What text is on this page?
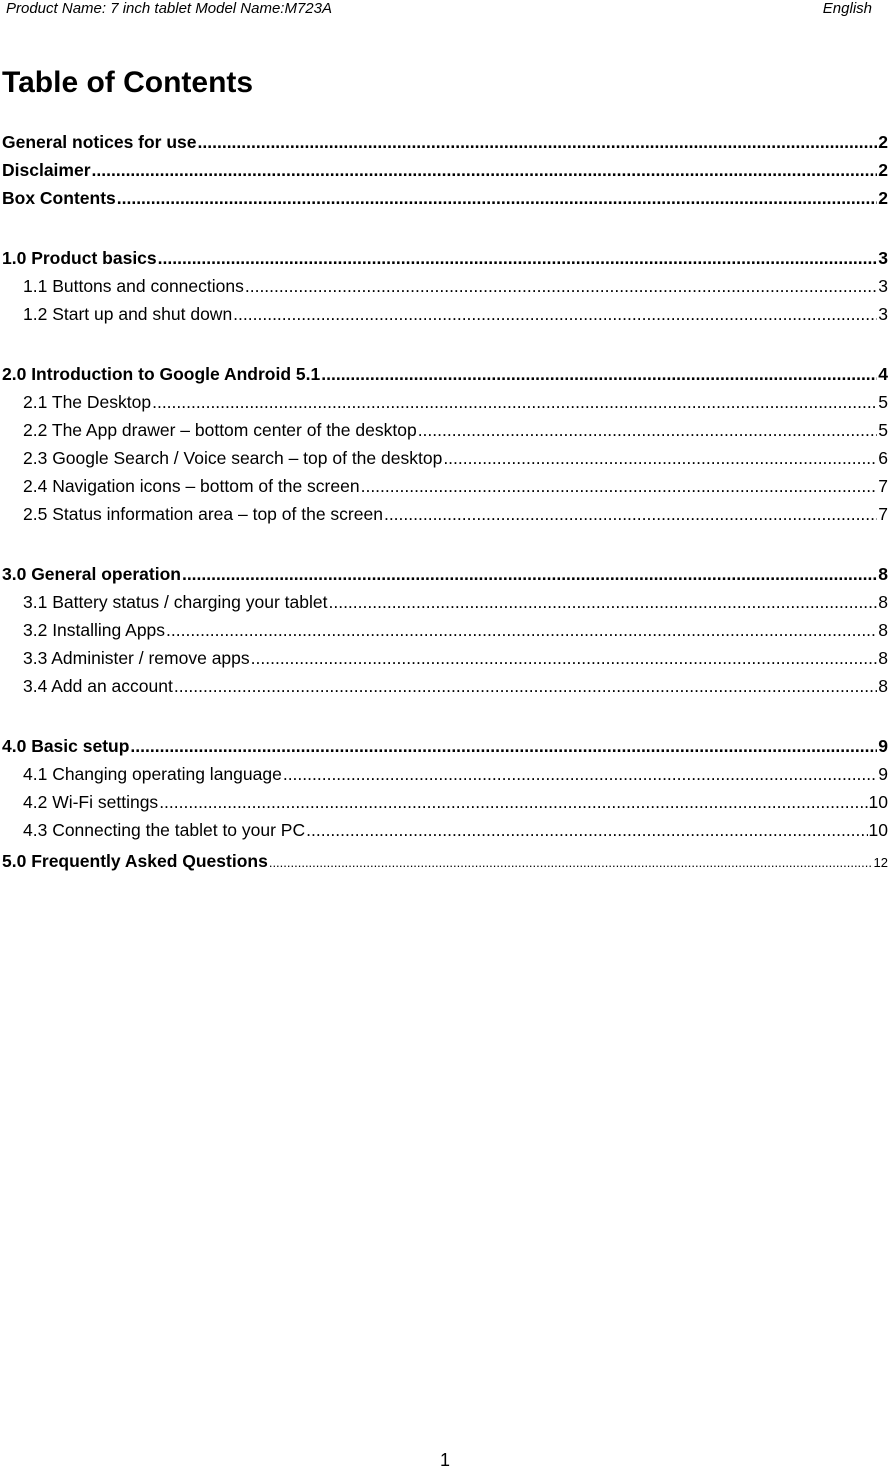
Product Name: 7 inch tablet Model Name:M723A	English
Table of Contents
General notices for use .....	2
Disclaimer .....	2
Box Contents .....	2
1.0 Product basics .....	3
1.1 Buttons and connections .....	3
1.2 Start up and shut down .....	3
2.0 Introduction to Google Android 5.1 .....	4
2.1 The Desktop .....	5
2.2 The App drawer – bottom center of the desktop .....	5
2.3 Google Search / Voice search – top of the desktop .....	6
2.4 Navigation icons – bottom of the screen .....	7
2.5 Status information area – top of the screen .....	7
3.0 General operation .....	8
3.1 Battery status / charging your tablet .....	8
3.2 Installing Apps .....	8
3.3 Administer / remove apps .....	8
3.4 Add an account .....	8
4.0 Basic setup .....	9
4.1 Changing operating language .....	9
4.2 Wi-Fi settings .....	10
4.3 Connecting the tablet to your PC .....	10
5.0 Frequently Asked Questions .....	12
1
